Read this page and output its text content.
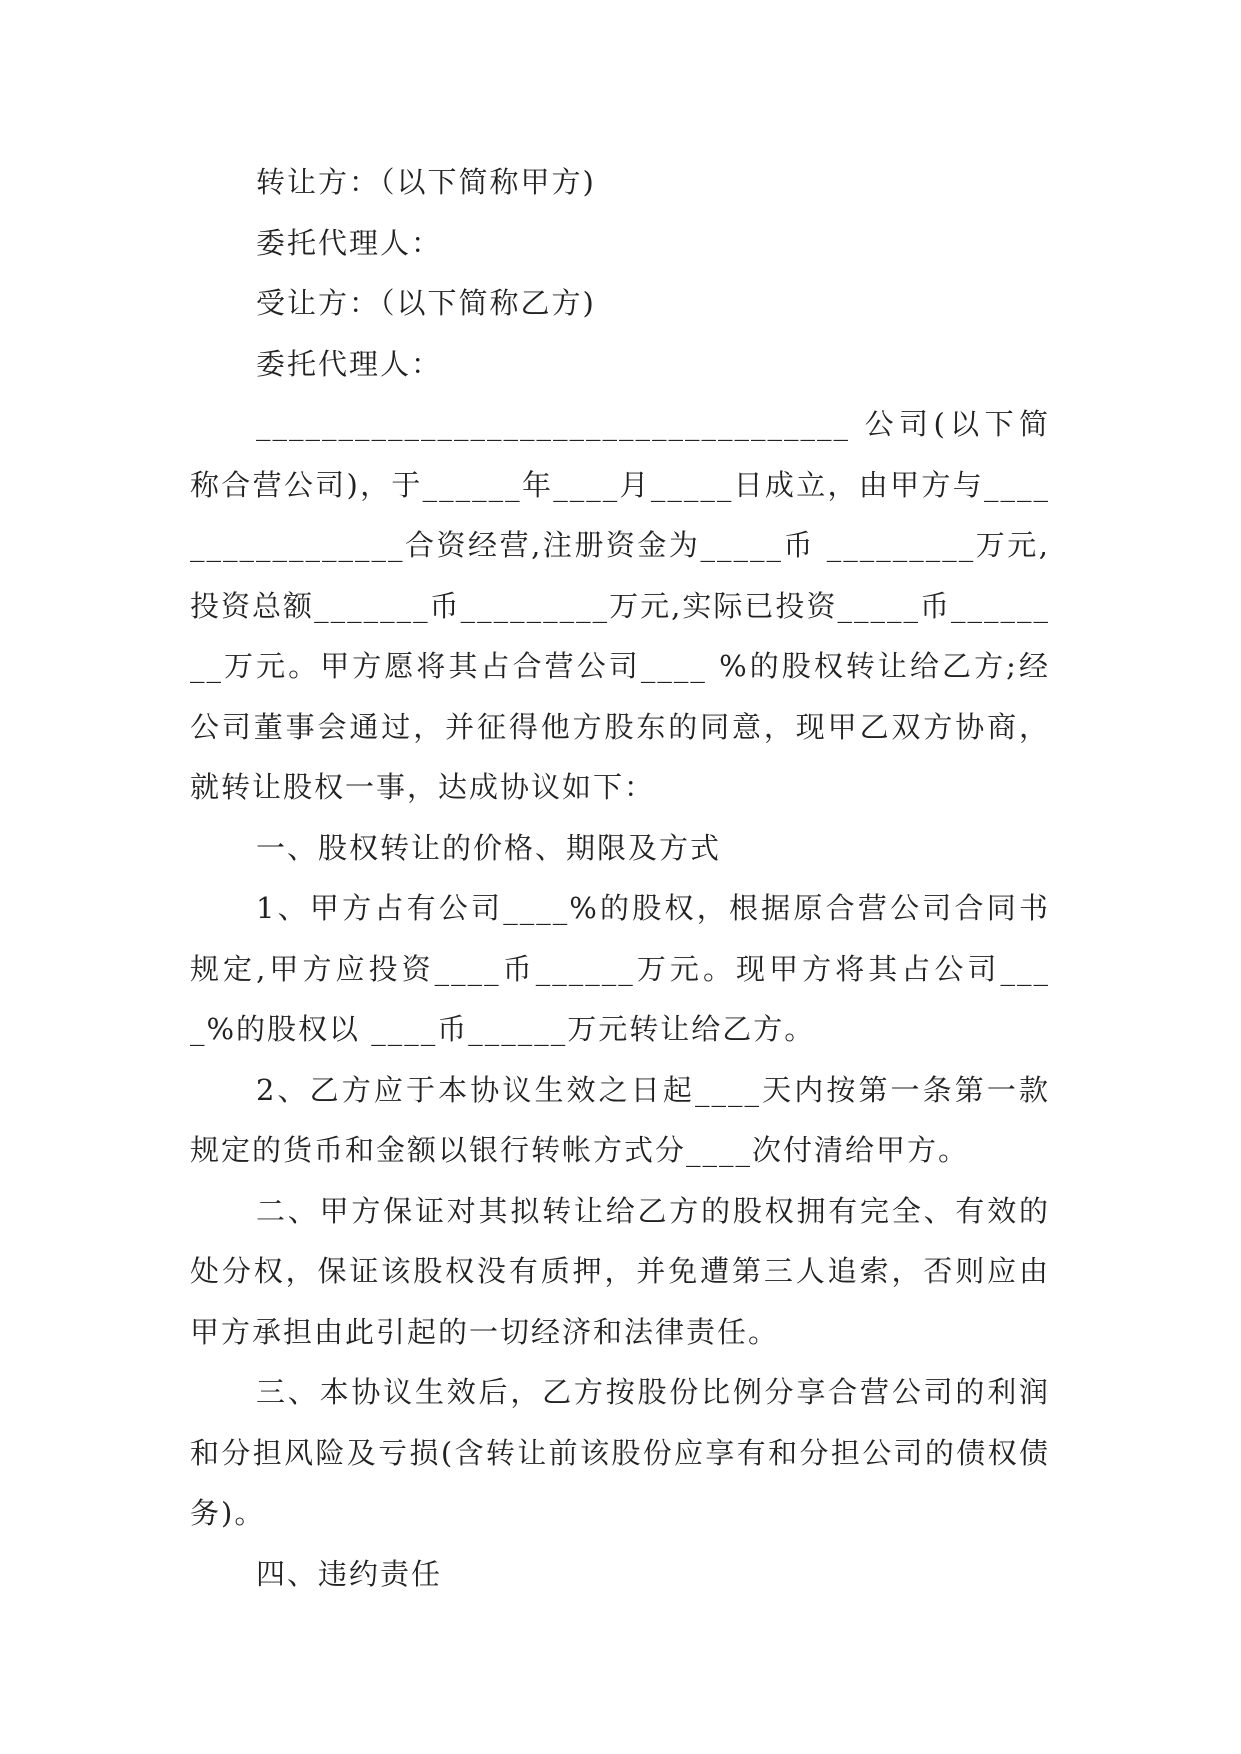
转让方：（以下简称甲方)

委托代理人：

受让方：（以下简称乙方)

委托代理人：

____________________________________ 公司(以下简称合营公司)，于______年____月_____日成立，由甲方与_________________合资经营,注册资金为_____币 _________万元,投资总额_______币_________万元,实际已投资_____币________万元。甲方愿将其占合营公司____ %的股权转让给乙方;经公司董事会通过，并征得他方股东的同意，现甲乙双方协商，就转让股权一事，达成协议如下：

一、股权转让的价格、期限及方式

1、甲方占有公司____%的股权，根据原合营公司合同书规定,甲方应投资____币______万元。现甲方将其占公司____%的股权以 ____币______万元转让给乙方。

2、乙方应于本协议生效之日起____天内按第一条第一款规定的货币和金额以银行转帐方式分____次付清给甲方。

二、甲方保证对其拟转让给乙方的股权拥有完全、有效的处分权，保证该股权没有质押，并免遭第三人追索，否则应由甲方承担由此引起的一切经济和法律责任。

三、本协议生效后，乙方按股份比例分享合营公司的利润和分担风险及亏损(含转让前该股份应享有和分担公司的债权债务)。

四、违约责任
